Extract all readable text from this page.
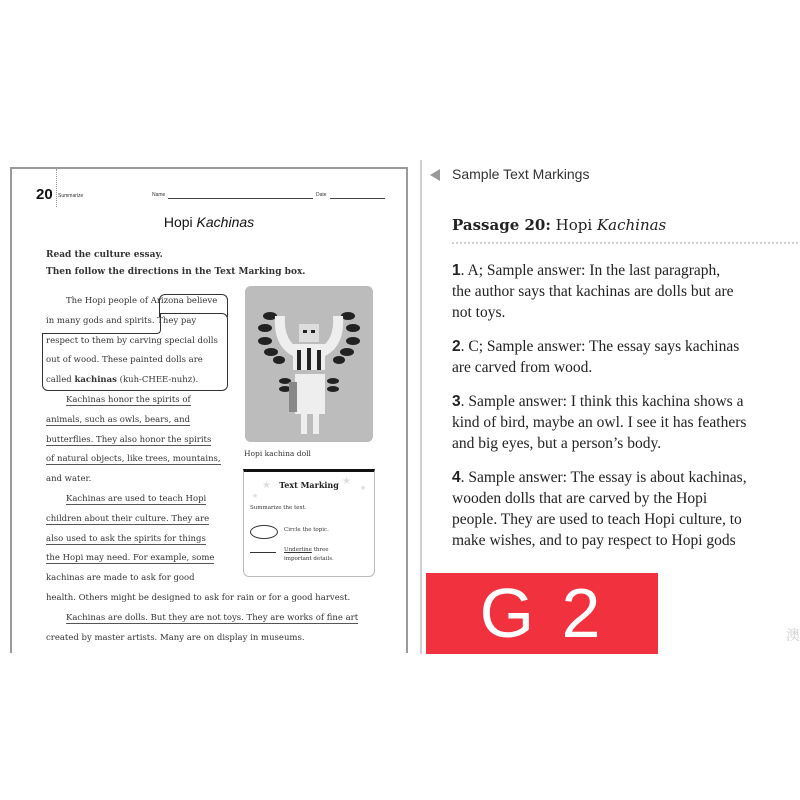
20 Summarize	Name	Date
Hopi Kachinas
Read the culture essay.
Then follow the directions in the Text Marking box.
The Hopi people of Arizona believe
in many gods and spirits. They pay
respect to them by carving special dolls
out of wood. These painted dolls are
called kachinas (kuh-CHEE-nuhz).
Kachinas honor the spirits of
animals, such as owls, bears, and
butterflies. They also honor the spirits
of natural objects, like trees, mountains,
and water.
Kachinas are used to teach Hopi
children about their culture. They are
also used to ask the spirits for things
the Hopi may need. For example, some
kachinas are made to ask for good
health. Others might be designed to ask for rain or for a good harvest.
Kachinas are dolls. But they are not toys. They are works of fine art
created by master artists. Many are on display in museums.
Hopi kachina doll
★
★
★
★
Text Marking
Summarize the text.
Circle the topic.
Underline three
important details.
Sample Text Markings
Passage 20: Hopi Kachinas
1. A; Sample answer: In the last paragraph,
the author says that kachinas are dolls but are
not toys.
2. C; Sample answer: The essay says kachinas
are carved from wood.
3. Sample answer: I think this kachina shows a
kind of bird, maybe an owl. I see it has feathers
and big eyes, but a person’s body.
4. Sample answer: The essay is about kachinas,
wooden dolls that are carved by the Hopi
people. They are used to teach Hopi culture, to
make wishes, and to pay respect to Hopi gods
G 2	澳
